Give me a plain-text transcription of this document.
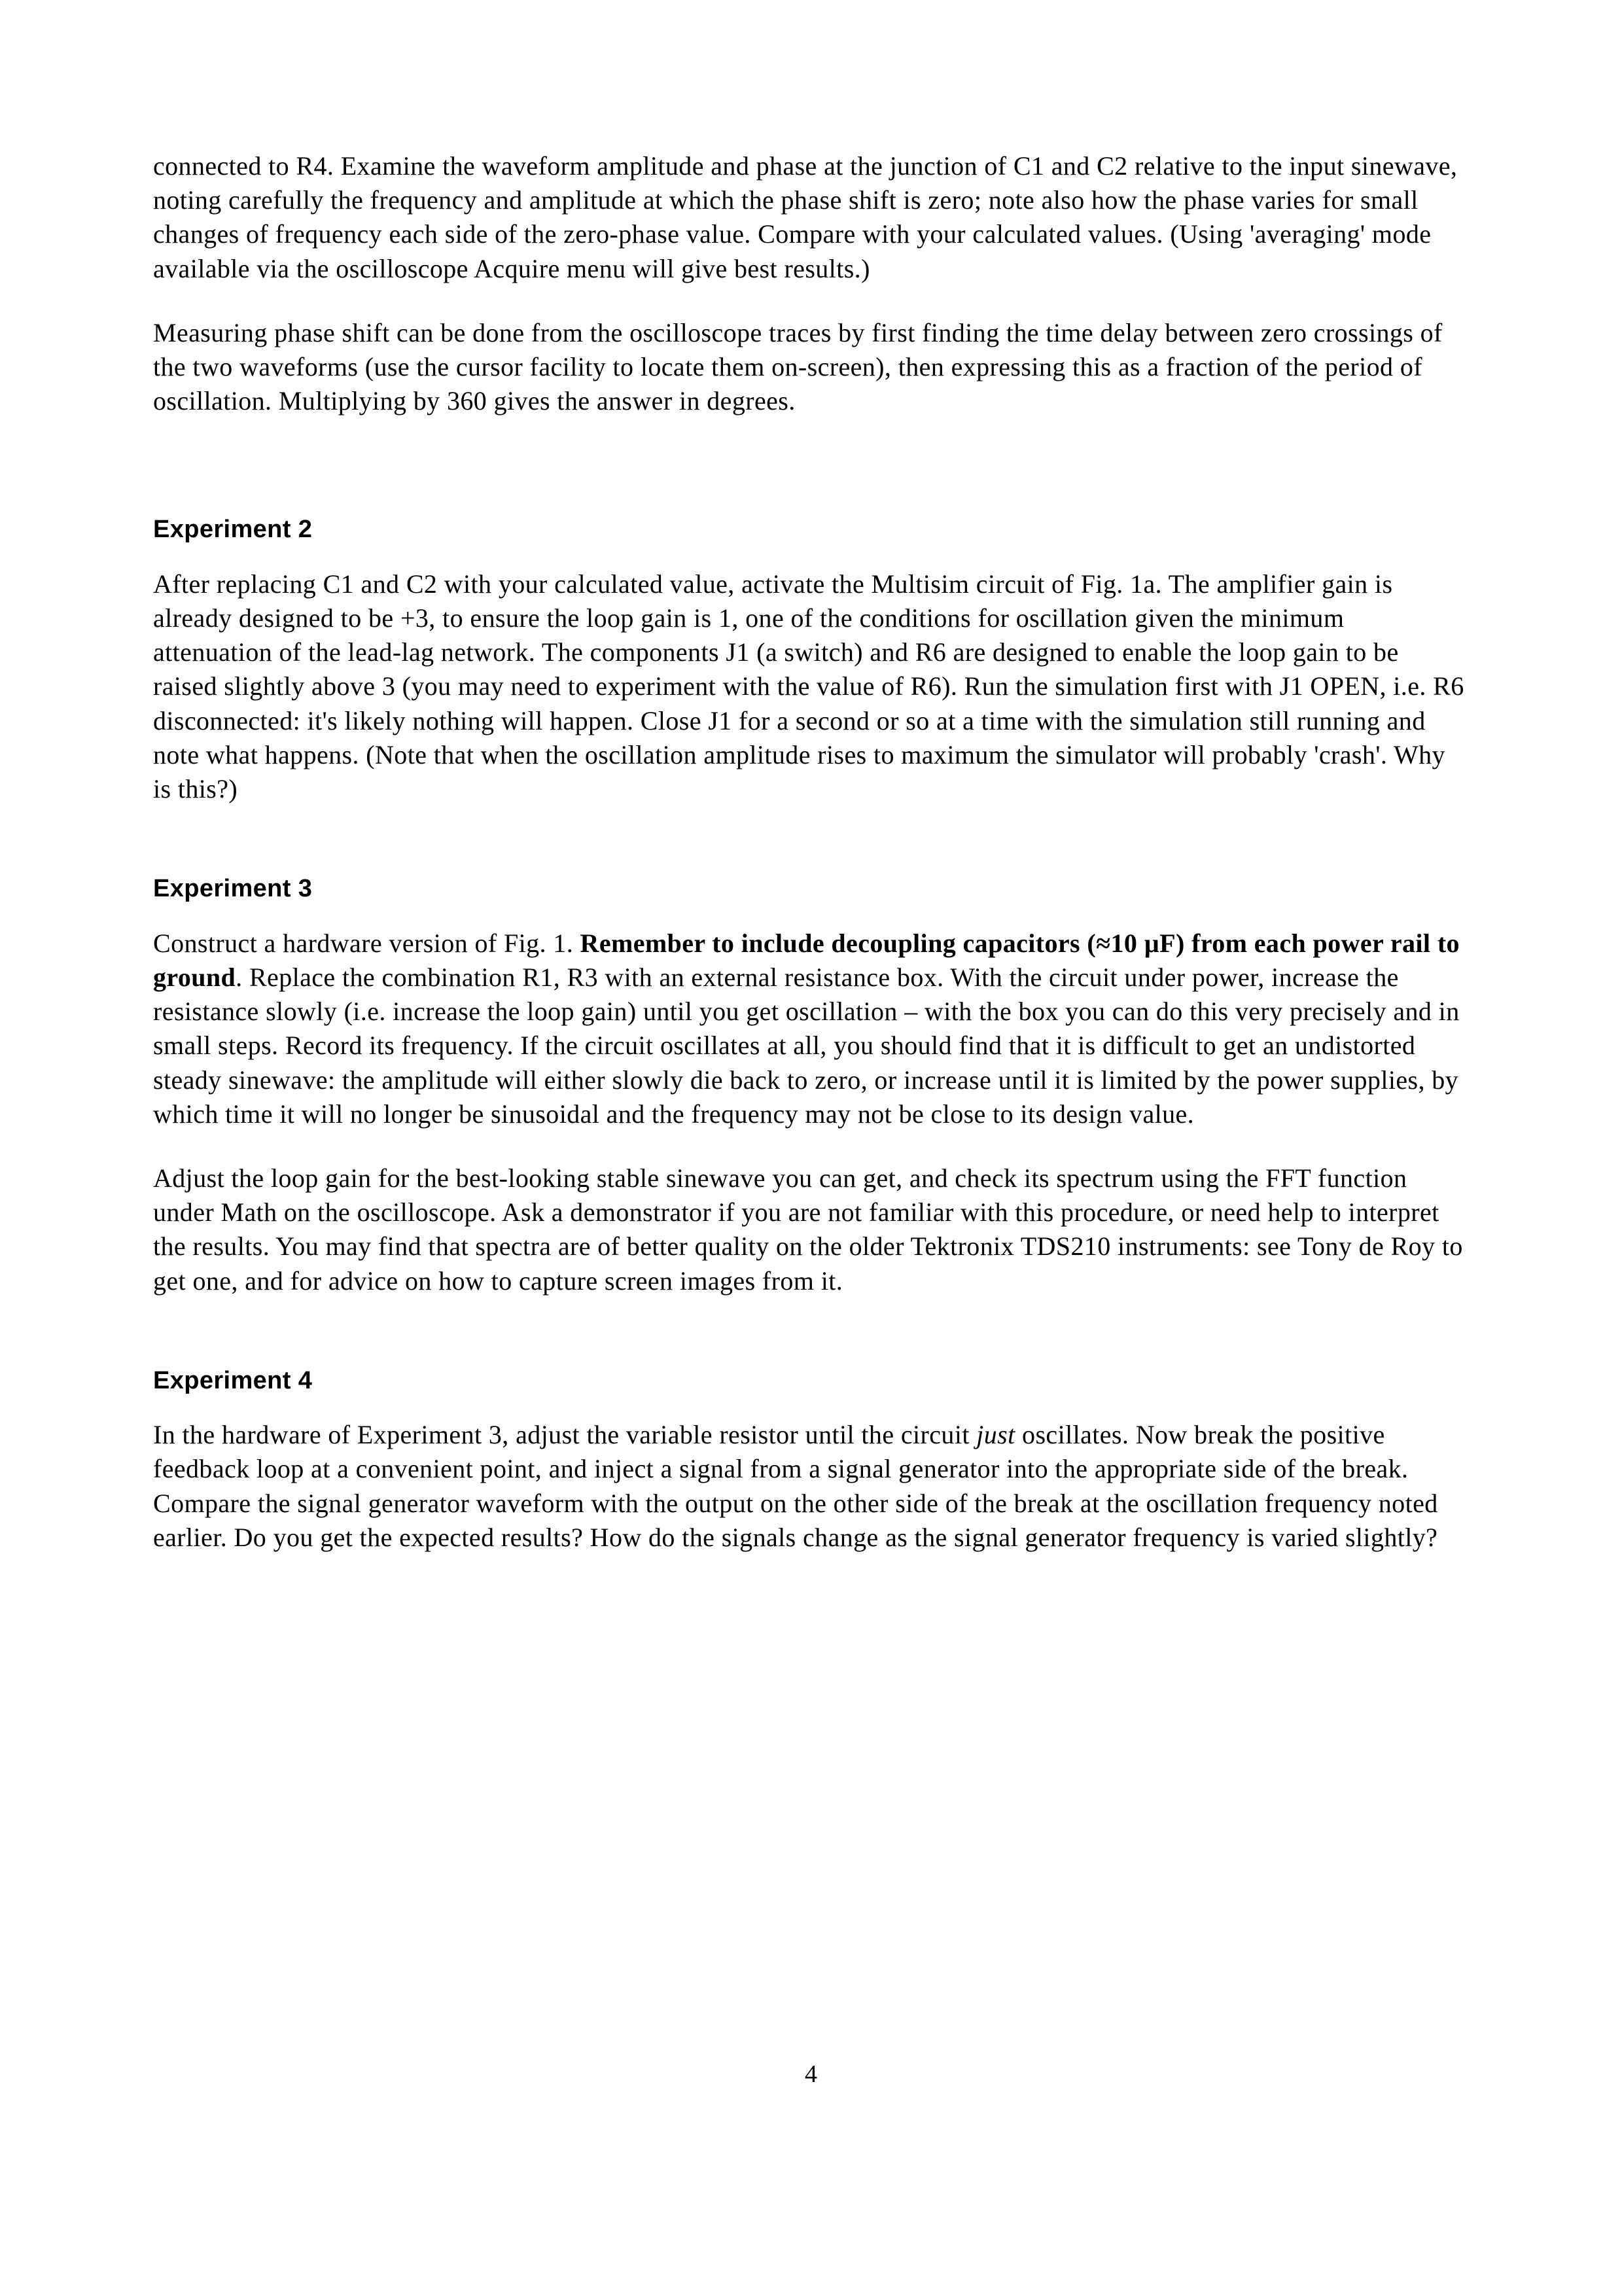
connected to R4. Examine the waveform amplitude and phase at the junction of C1 and C2 relative to the input sinewave, noting carefully the frequency and amplitude at which the phase shift is zero; note also how the phase varies for small changes of frequency each side of the zero-phase value. Compare with your calculated values. (Using 'averaging' mode available via the oscilloscope Acquire menu will give best results.)

Measuring phase shift can be done from the oscilloscope traces by first finding the time delay between zero crossings of the two waveforms (use the cursor facility to locate them on-screen), then expressing this as a fraction of the period of oscillation. Multiplying by 360 gives the answer in degrees.

Experiment 2

After replacing C1 and C2 with your calculated value, activate the Multisim circuit of Fig. 1a. The amplifier gain is already designed to be +3, to ensure the loop gain is 1, one of the conditions for oscillation given the minimum attenuation of the lead-lag network. The components J1 (a switch) and R6 are designed to enable the loop gain to be raised slightly above 3 (you may need to experiment with the value of R6). Run the simulation first with J1 OPEN, i.e. R6 disconnected: it's likely nothing will happen. Close J1 for a second or so at a time with the simulation still running and note what happens. (Note that when the oscillation amplitude rises to maximum the simulator will probably 'crash'. Why is this?)

Experiment 3

Construct a hardware version of Fig. 1. Remember to include decoupling capacitors (≈10 µF) from each power rail to ground. Replace the combination R1, R3 with an external resistance box. With the circuit under power, increase the resistance slowly (i.e. increase the loop gain) until you get oscillation – with the box you can do this very precisely and in small steps. Record its frequency. If the circuit oscillates at all, you should find that it is difficult to get an undistorted steady sinewave: the amplitude will either slowly die back to zero, or increase until it is limited by the power supplies, by which time it will no longer be sinusoidal and the frequency may not be close to its design value.

Adjust the loop gain for the best-looking stable sinewave you can get, and check its spectrum using the FFT function under Math on the oscilloscope. Ask a demonstrator if you are not familiar with this procedure, or need help to interpret the results. You may find that spectra are of better quality on the older Tektronix TDS210 instruments: see Tony de Roy to get one, and for advice on how to capture screen images from it.

Experiment 4

In the hardware of Experiment 3, adjust the variable resistor until the circuit just oscillates. Now break the positive feedback loop at a convenient point, and inject a signal from a signal generator into the appropriate side of the break. Compare the signal generator waveform with the output on the other side of the break at the oscillation frequency noted earlier. Do you get the expected results? How do the signals change as the signal generator frequency is varied slightly?

4
